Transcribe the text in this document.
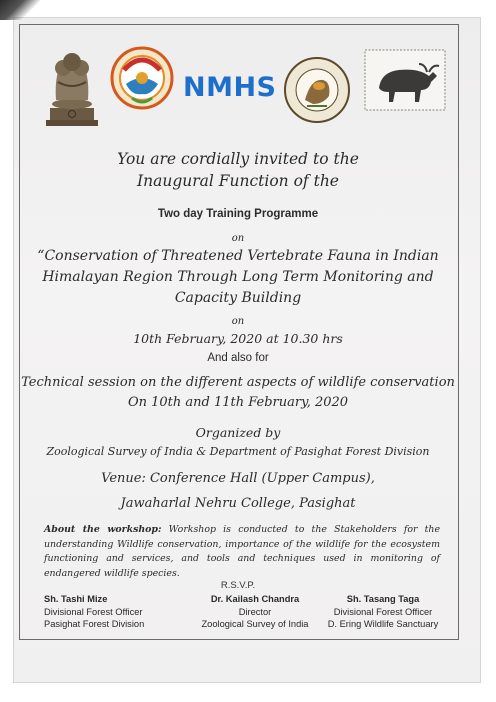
NMHS
You are cordially invited to the
Inaugural Function of the
Two day Training Programme
on
“Conservation of Threatened Vertebrate Fauna in Indian
Himalayan Region Through Long Term Monitoring and
Capacity Building
on
10th February, 2020 at 10.30 hrs
And also for
Technical session on the different aspects of wildlife conservation
On 10th and 11th February, 2020
Organized by
Zoological Survey of India & Department of Pasighat Forest Division
Venue: Conference Hall (Upper Campus),
Jawaharlal Nehru College, Pasighat
About the workshop: Workshop is conducted to the Stakeholders for the understanding Wildlife conservation, importance of the wildlife for the ecosystem functioning and services, and tools and techniques used in monitoring of endangered wildlife species.
R.S.V.P.
Sh. Tashi Mize
Divisional Forest Officer
Pasighat Forest Division
Dr. Kailash Chandra
Director
Zoological Survey of India
Sh. Tasang Taga
Divisional Forest Officer
D. Ering Wildlife Sanctuary
